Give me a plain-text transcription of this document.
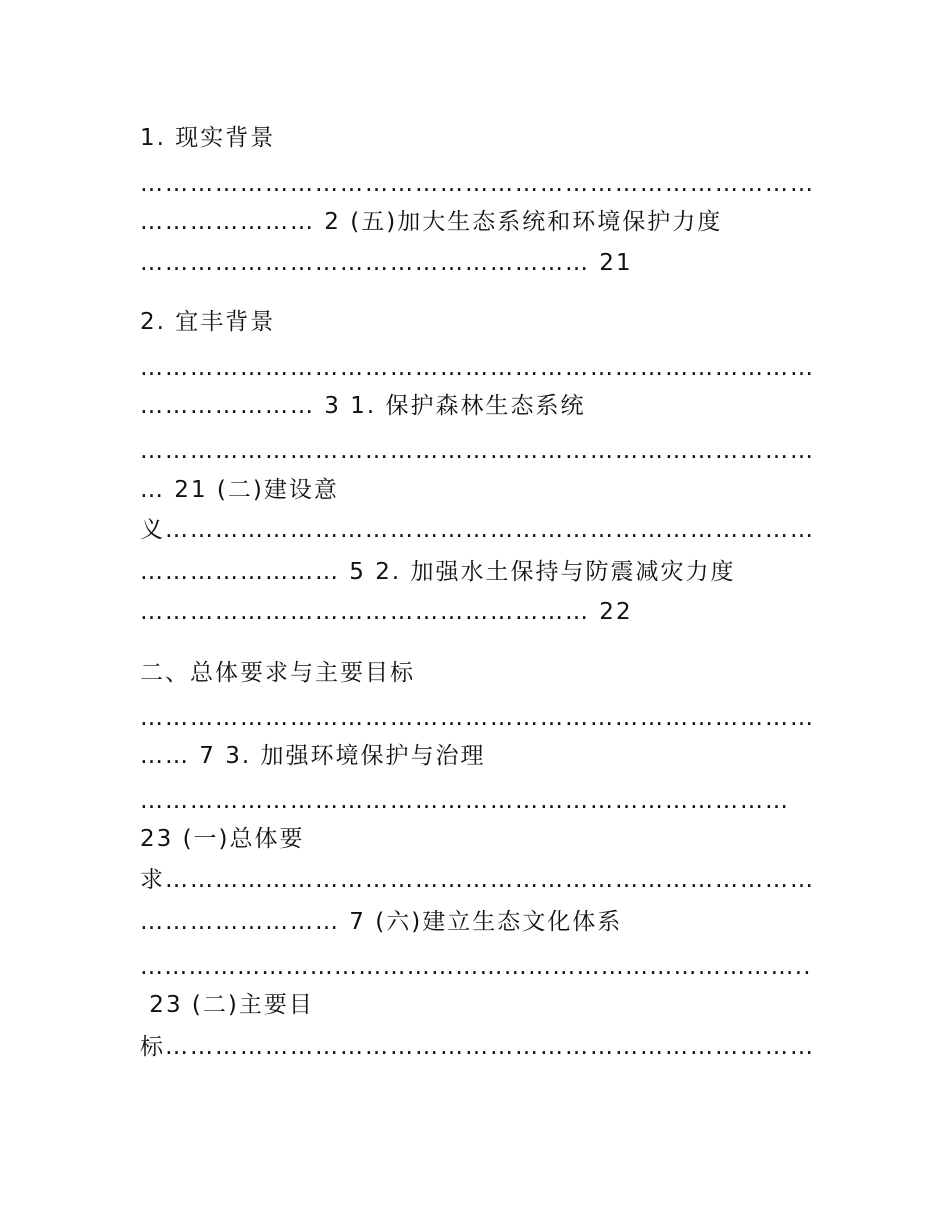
1. 现实背景

………………………………………………………………………

………………… 2 (五)加大生态系统和环境保护力度

……………………………………………… 21

2. 宜丰背景

………………………………………………………………………

………………… 3 1. 保护森林生态系统

………………………………………………………………………

… 21 (二)建设意

义……………………………………………………………………

…………………… 5 2. 加强水土保持与防震减灾力度

……………………………………………… 22

二、总体要求与主要目标

………………………………………………………………………

…… 7 3. 加强环境保护与治理

……………………………………………………………………

23 (一)总体要

求……………………………………………………………………

…………………… 7 (六)建立生态文化体系

………………………………………………………………………..

23 (二)主要目

标……………………………………………………………………
